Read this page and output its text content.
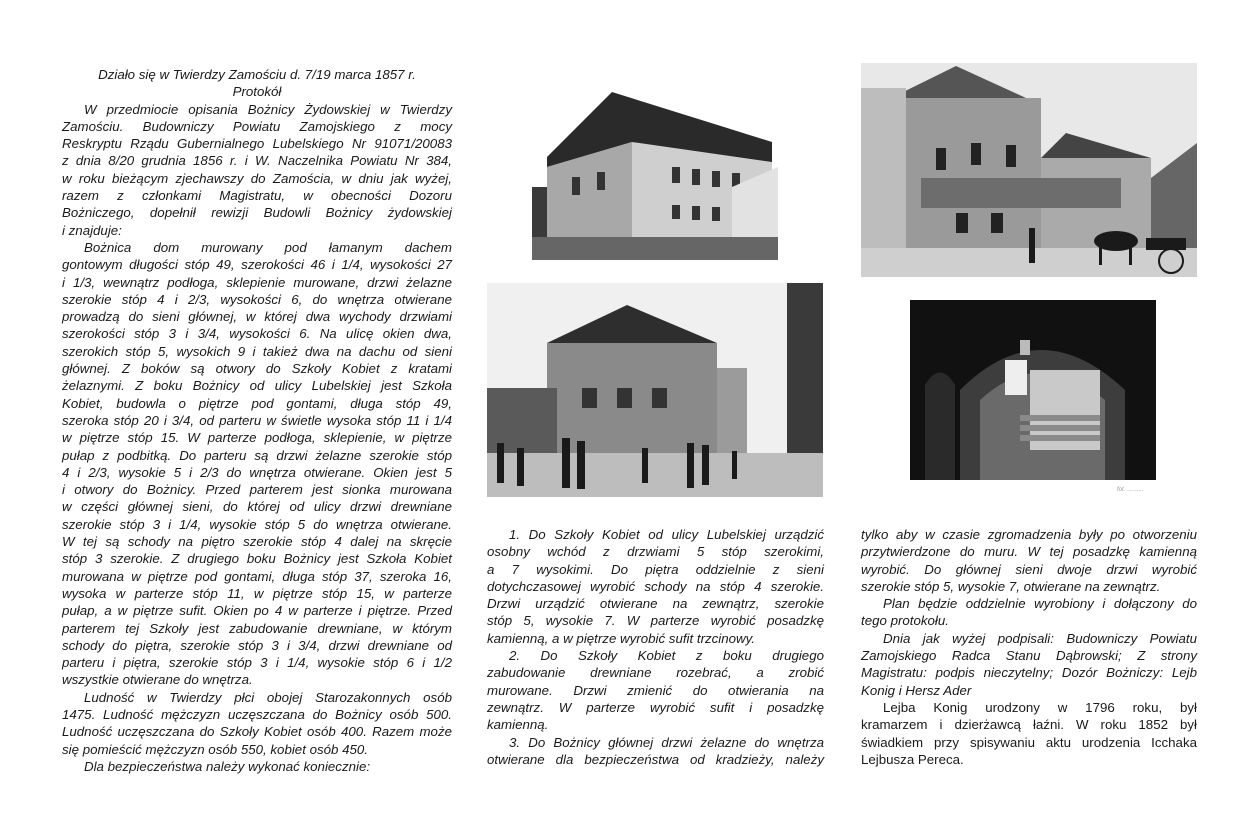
fot. ..........
Działo się w Twierdzy Zamościu d. 7/19 marca 1857 r.
Protokół
W przedmiocie opisania Bożnicy Żydowskiej w Twierdzy
Zamościu. Budowniczy Powiatu Zamojskiego z mocy
Reskryptu Rządu Gubernialnego Lubelskiego Nr 91071/20083
z dnia 8/20 grudnia 1856 r. i W. Naczelnika Powiatu Nr 384,
w roku bieżącym zjechawszy do Zamościa, w dniu jak wyżej,
razem z członkami Magistratu, w obecności Dozoru
Bożniczego, dopełnił rewizji Budowli Bożnicy żydowskiej
i znajduje:
Bożnica dom murowany pod łamanym dachem
gontowym długości stóp 49, szerokości 46 i 1/4, wysokości 27
i 1/3, wewnątrz podłoga, sklepienie murowane, drzwi żelazne
szerokie stóp 4 i 2/3, wysokości 6, do wnętrza otwierane
prowadzą do sieni głównej, w której dwa wychody drzwiami
szerokości stóp 3 i 3/4, wysokości 6. Na ulicę okien dwa,
szerokich stóp 5, wysokich 9 i takież dwa na dachu od sieni
głównej. Z boków są otwory do Szkoły Kobiet z kratami
żelaznymi. Z boku Bożnicy od ulicy Lubelskiej jest Szkoła
Kobiet, budowla o piętrze pod gontami, długa stóp 49,
szeroka stóp 20 i 3/4, od parteru w świetle wysoka stóp 11 i 1/4
w piętrze stóp 15. W parterze podłoga, sklepienie, w piętrze
pułap z podbitką. Do parteru są drzwi żelazne szerokie stóp
4 i 2/3, wysokie 5 i 2/3 do wnętrza otwierane. Okien jest 5
i otwory do Bożnicy. Przed parterem jest sionka murowana
w części głównej sieni, do której od ulicy drzwi drewniane
szerokie stóp 3 i 1/4, wysokie stóp 5 do wnętrza otwierane.
W tej są schody na piętro szerokie stóp 4 dalej na skręcie
stóp 3 szerokie. Z drugiego boku Bożnicy jest Szkoła Kobiet
murowana w piętrze pod gontami, długa stóp 37, szeroka 16,
wysoka w parterze stóp 11, w piętrze stóp 15, w parterze
pułap, a w piętrze sufit. Okien po 4 w parterze i piętrze. Przed
parterem tej Szkoły jest zabudowanie drewniane, w którym
schody do piętra, szerokie stóp 3 i 3/4, drzwi drewniane od
parteru i piętra, szerokie stóp 3 i 1/4, wysokie stóp 6 i 1/2
wszystkie otwierane do wnętrza.
Ludność w Twierdzy płci obojej Starozakonnych osób
1475. Ludność mężczyzn uczęszczana do Bożnicy osób 500.
Ludność uczęszczana do Szkoły Kobiet osób 400. Razem może
się pomieścić mężczyzn osób 550, kobiet osób 450.
Dla bezpieczeństwa należy wykonać koniecznie:
1. Do Szkoły Kobiet od ulicy Lubelskiej urządzić
osobny wchód z drzwiami 5 stóp szerokimi,
a 7 wysokimi. Do piętra oddzielnie z sieni
dotychczasowej wyrobić schody na stóp 4 szerokie.
Drzwi urządzić otwierane na zewnątrz, szerokie
stóp 5, wysokie 7. W parterze wyrobić posadzkę
kamienną, a w piętrze wyrobić sufit trzcinowy.
2. Do Szkoły Kobiet z boku drugiego
zabudowanie drewniane rozebrać, a zrobić
murowane. Drzwi zmienić do otwierania na
zewnątrz. W parterze wyrobić sufit i posadzkę
kamienną.
3. Do Bożnicy głównej drzwi żelazne do wnętrza
otwierane dla bezpieczeństwa od kradzieży, należy
tylko aby w czasie zgromadzenia były po otworzeniu
przytwierdzone do muru. W tej posadzkę kamienną
wyrobić. Do głównej sieni dwoje drzwi wyrobić
szerokie stóp 5, wysokie 7, otwierane na zewnątrz.
Plan będzie oddzielnie wyrobiony i dołączony do
tego protokołu.
Dnia jak wyżej podpisali: Budowniczy Powiatu
Zamojskiego Radca Stanu Dąbrowski; Z strony
Magistratu: podpis nieczytelny; Dozór Bożniczy: Lejb
Konig i Hersz Ader
Lejba Konig urodzony w 1796 roku, był
kramarzem i dzierżawcą łaźni. W roku 1852 był
świadkiem przy spisywaniu aktu urodzenia Icchaka
Lejbusza Pereca.
